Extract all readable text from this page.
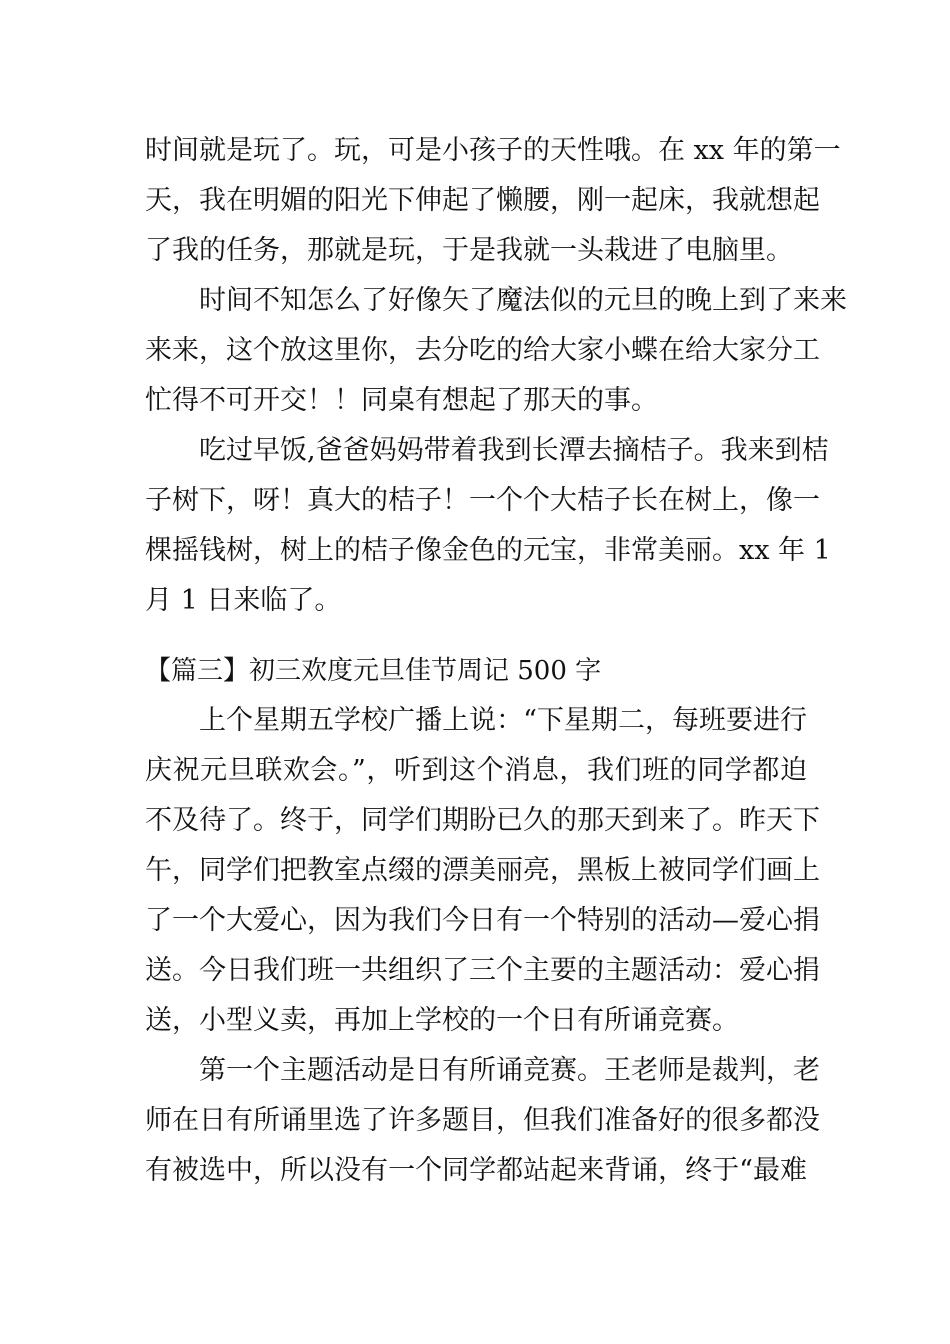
时间就是玩了。玩，可是小孩子的天性哦。在 xx 年的第一
天，我在明媚的阳光下伸起了懒腰，刚一起床，我就想起
了我的任务，那就是玩，于是我就一头栽进了电脑里。
时间不知怎么了好像矢了魔法似的元旦的晚上到了来来
来来，这个放这里你，去分吃的给大家小蝶在给大家分工
忙得不可开交！！同桌有想起了那天的事。
吃过早饭,爸爸妈妈带着我到长潭去摘桔子。我来到桔
子树下，呀！真大的桔子！一个个大桔子长在树上，像一
棵摇钱树，树上的桔子像金色的元宝，非常美丽。xx 年 1
月 1 日来临了。
【篇三】初三欢度元旦佳节周记 500 字
上个星期五学校广播上说：“下星期二，每班要进行
庆祝元旦联欢会。”，听到这个消息，我们班的同学都迫
不及待了。终于，同学们期盼已久的那天到来了。昨天下
午，同学们把教室点缀的漂美丽亮，黑板上被同学们画上
了一个大爱心，因为我们今日有一个特别的活动—爱心捐
送。今日我们班一共组织了三个主要的主题活动：爱心捐
送，小型义卖，再加上学校的一个日有所诵竞赛。
第一个主题活动是日有所诵竞赛。王老师是裁判，老
师在日有所诵里选了许多题目，但我们准备好的很多都没
有被选中，所以没有一个同学都站起来背诵，终于“最难
